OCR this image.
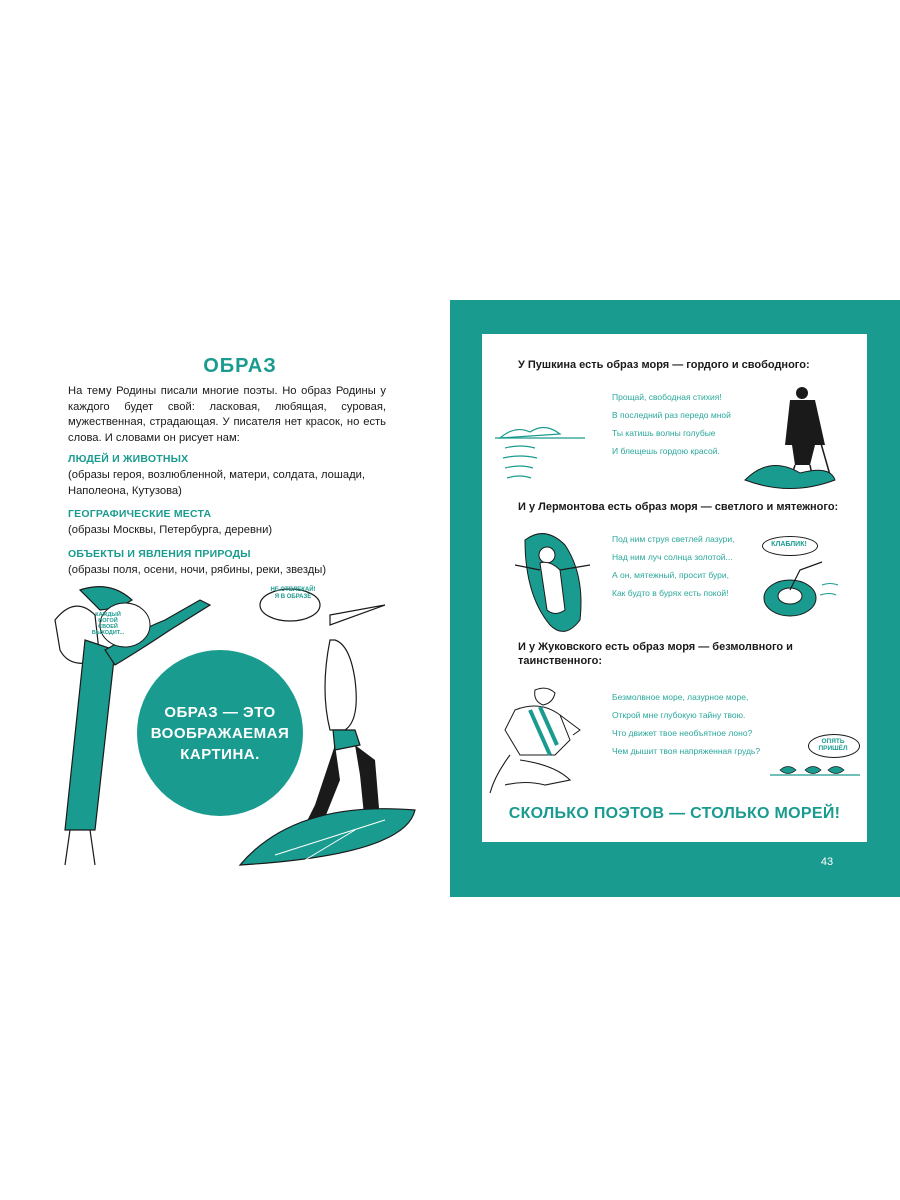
ОБРАЗ
На тему Родины писали многие поэты. Но образ Родины у каждого будет свой: ласковая, любящая, суровая, мужественная, страдающая. У писателя нет красок, но есть слова. И словами он рисует нам:
ЛЮДЕЙ И ЖИВОТНЫХ
(образы героя, возлюбленной, матери, солдата, лошади, Наполеона, Кутузова)
ГЕОГРАФИЧЕСКИЕ МЕСТА
(образы Москвы, Петербурга, деревни)
ОБЪЕКТЫ И ЯВЛЕНИЯ ПРИРОДЫ
(образы поля, осени, ночи, рябины, реки, звезды)
ОБРАЗ — ЭТО ВООБРАЖАЕМАЯ КАРТИНА.
КАЖДЫЙ НОГОЙ СВОЕЙ ВЫХОДИТ...
НЕ ОТВЛЕКАЙ! Я В ОБРАЗЕ
У Пушкина есть образ моря — гордого и свободного:
Прощай, свободная стихия!
В последний раз передо мной
Ты катишь волны голубые
И блещешь гордою красой.
И у Лермонтова есть образ моря — светлого и мятежного:
Под ним струя светлей лазури,
Над ним луч солнца золотой...
А он, мятежный, просит бури,
Как будто в бурях есть покой!
КЛАБЛИК!
И у Жуковского есть образ моря — безмолвного и таинственного:
Безмолвное море, лазурное море,
Открой мне глубокую тайну твою.
Что движет твое необъятное лоно?
Чем дышит твоя напряженная грудь?
ОПЯТЬ ПРИШЁЛ
СКОЛЬКО ПОЭТОВ — СТОЛЬКО МОРЕЙ!
43
